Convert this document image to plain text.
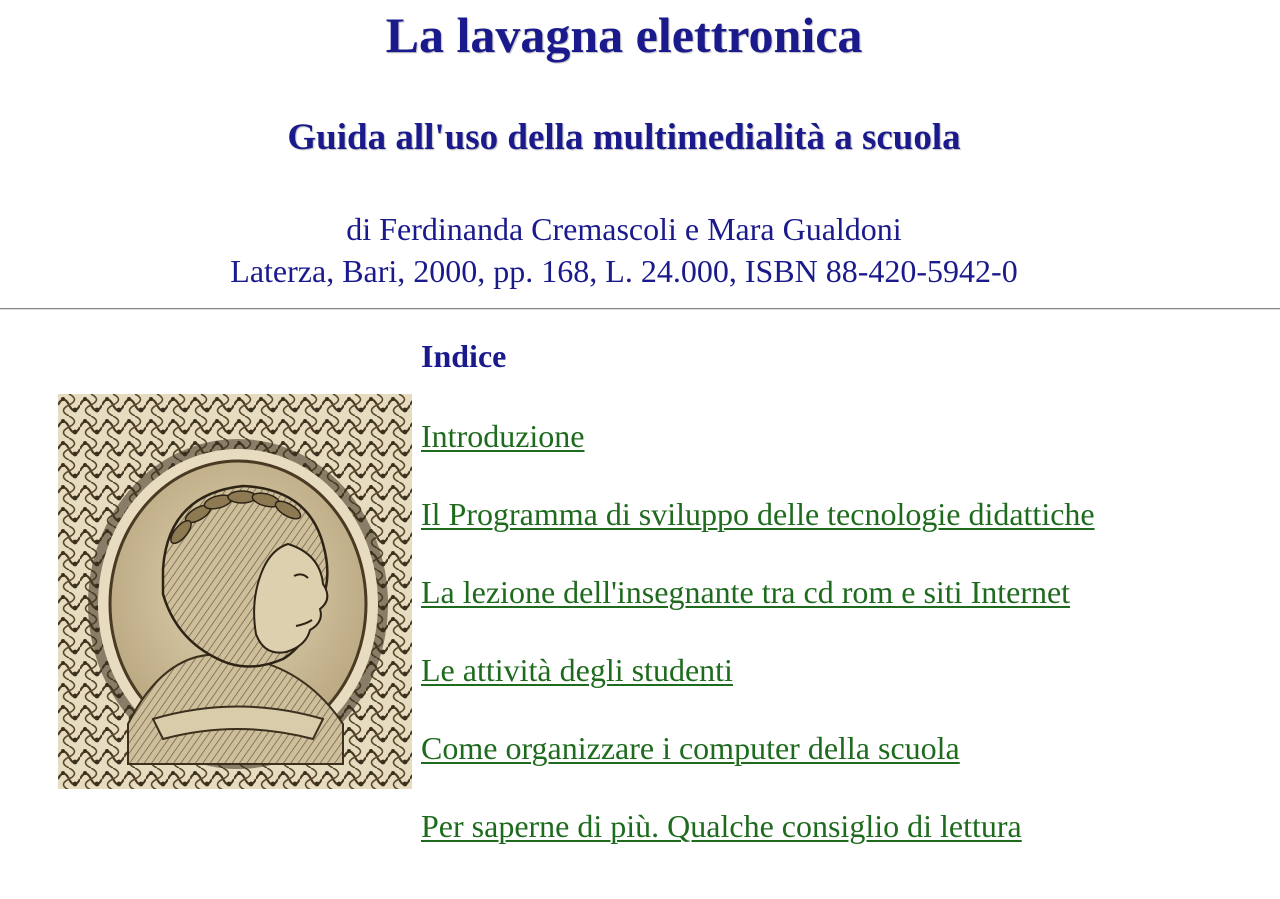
La lavagna elettronica
Guida all'uso della multimedialità a scuola
di Ferdinanda Cremascoli e Mara Gualdoni
Laterza, Bari, 2000, pp. 168, L. 24.000, ISBN 88-420-5942-0
Indice
Introduzione
Il Programma di sviluppo delle tecnologie didattiche
La lezione dell'insegnante tra cd rom e siti Internet
Le attività degli studenti
Come organizzare i computer della scuola
Per saperne di più. Qualche consiglio di lettura
